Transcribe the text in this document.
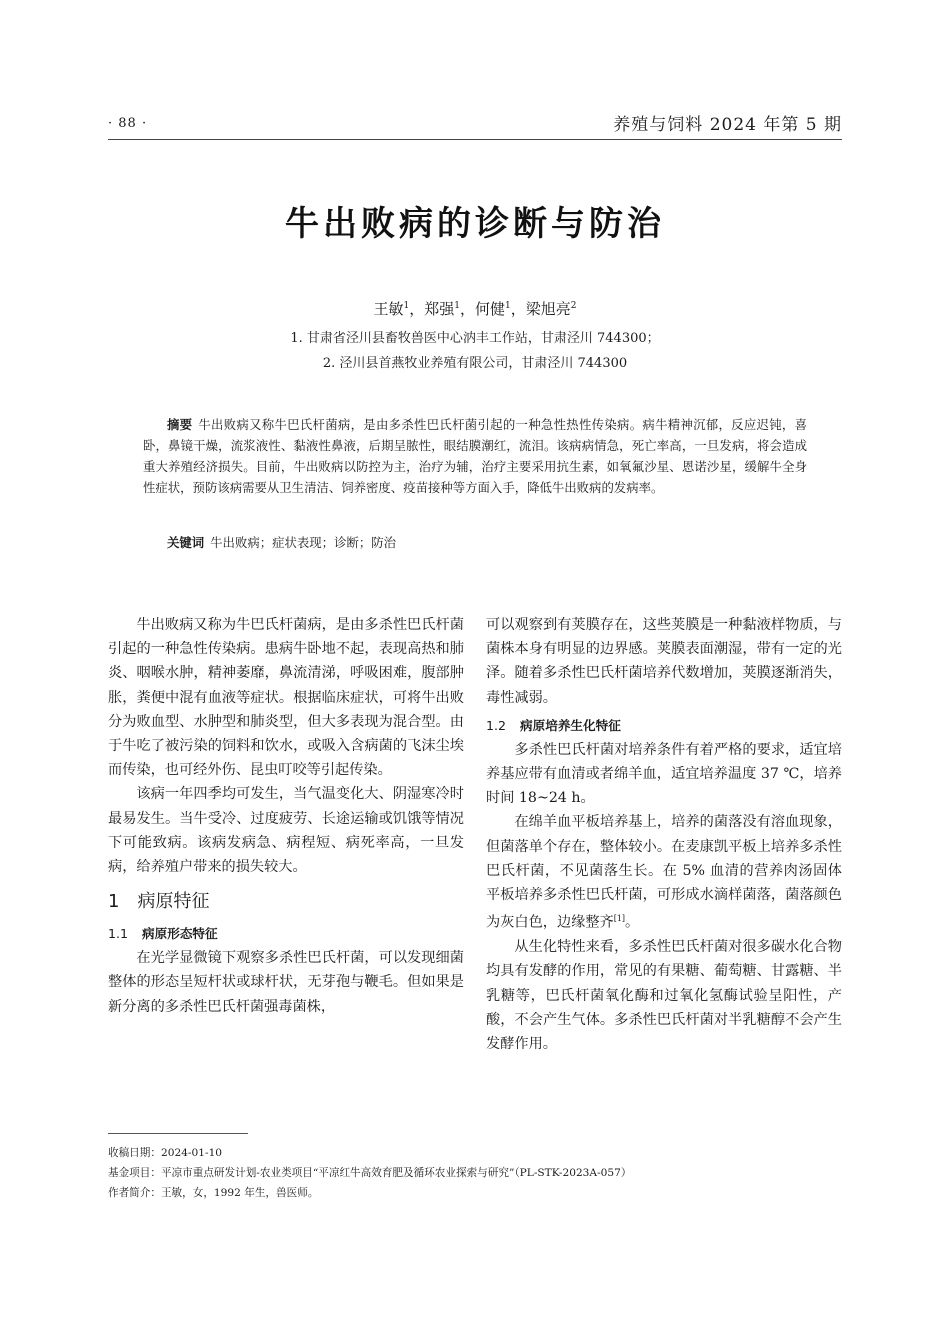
· 88 ·	养殖与饲料 2024 年第 5 期
牛出败病的诊断与防治
王敏$^1$，郑强$^1$，何健$^1$，梁旭亮$^2$
1. 甘肃省泾川县畜牧兽医中心汭丰工作站，甘肃泾川 744300；
2. 泾川县首燕牧业养殖有限公司，甘肃泾川 744300
摘要 牛出败病又称牛巴氏杆菌病，是由多杀性巴氏杆菌引起的一种急性热性传染病。病牛精神沉郁，反应迟钝，喜卧，鼻镜干燥，流浆液性、黏液性鼻液，后期呈脓性，眼结膜潮红，流泪。该病病情急，死亡率高，一旦发病，将会造成重大养殖经济损失。目前，牛出败病以防控为主，治疗为辅，治疗主要采用抗生素，如氧氟沙星、恩诺沙星，缓解牛全身性症状，预防该病需要从卫生清洁、饲养密度、疫苗接种等方面入手，降低牛出败病的发病率。
关键词 牛出败病；症状表现；诊断；防治

牛出败病又称为牛巴氏杆菌病，是由多杀性巴氏杆菌引起的一种急性传染病。患病牛卧地不起，表现高热和肺炎、咽喉水肿，精神萎靡，鼻流清涕，呼吸困难，腹部肿胀，粪便中混有血液等症状。根据临床症状，可将牛出败分为败血型、水肿型和肺炎型，但大多表现为混合型。由于牛吃了被污染的饲料和饮水，或吸入含病菌的飞沫尘埃而传染，也可经外伤、昆虫叮咬等引起传染。

该病一年四季均可发生，当气温变化大、阴湿寒冷时最易发生。当牛受冷、过度疲劳、长途运输或饥饿等情况下可能致病。该病发病急、病程短、病死率高，一旦发病，给养殖户带来的损失较大。

1 病原特征
1.1 病原形态特征

在光学显微镜下观察多杀性巴氏杆菌，可以发现细菌整体的形态呈短杆状或球杆状，无芽孢与鞭毛。但如果是新分离的多杀性巴氏杆菌强毒菌株，

可以观察到有荚膜存在，这些荚膜是一种黏液样物质，与菌株本身有明显的边界感。荚膜表面潮湿，带有一定的光泽。随着多杀性巴氏杆菌培养代数增加，荚膜逐渐消失，毒性减弱。

1.2 病原培养生化特征

多杀性巴氏杆菌对培养条件有着严格的要求，适宜培养基应带有血清或者绵羊血，适宜培养温度 37 ℃，培养时间 18~24 h。

在绵羊血平板培养基上，培养的菌落没有溶血现象，但菌落单个存在，整体较小。在麦康凯平板上培养多杀性巴氏杆菌，不见菌落生长。在 5% 血清的营养肉汤固体平板培养多杀性巴氏杆菌，可形成水滴样菌落，菌落颜色为灰白色，边缘整齐[1]。

从生化特性来看，多杀性巴氏杆菌对很多碳水化合物均具有发酵的作用，常见的有果糖、葡萄糖、甘露糖、半乳糖等，巴氏杆菌氧化酶和过氧化氢酶试验呈阳性，产酸，不会产生气体。多杀性巴氏杆菌对半乳糖醇不会产生发酵作用。

收稿日期：2024-01-10
基金项目：平凉市重点研发计划-农业类项目“平凉红牛高效育肥及循环农业探索与研究”（PL-STK-2023A-057）
作者简介：王敏，女，1992 年生，兽医师。
